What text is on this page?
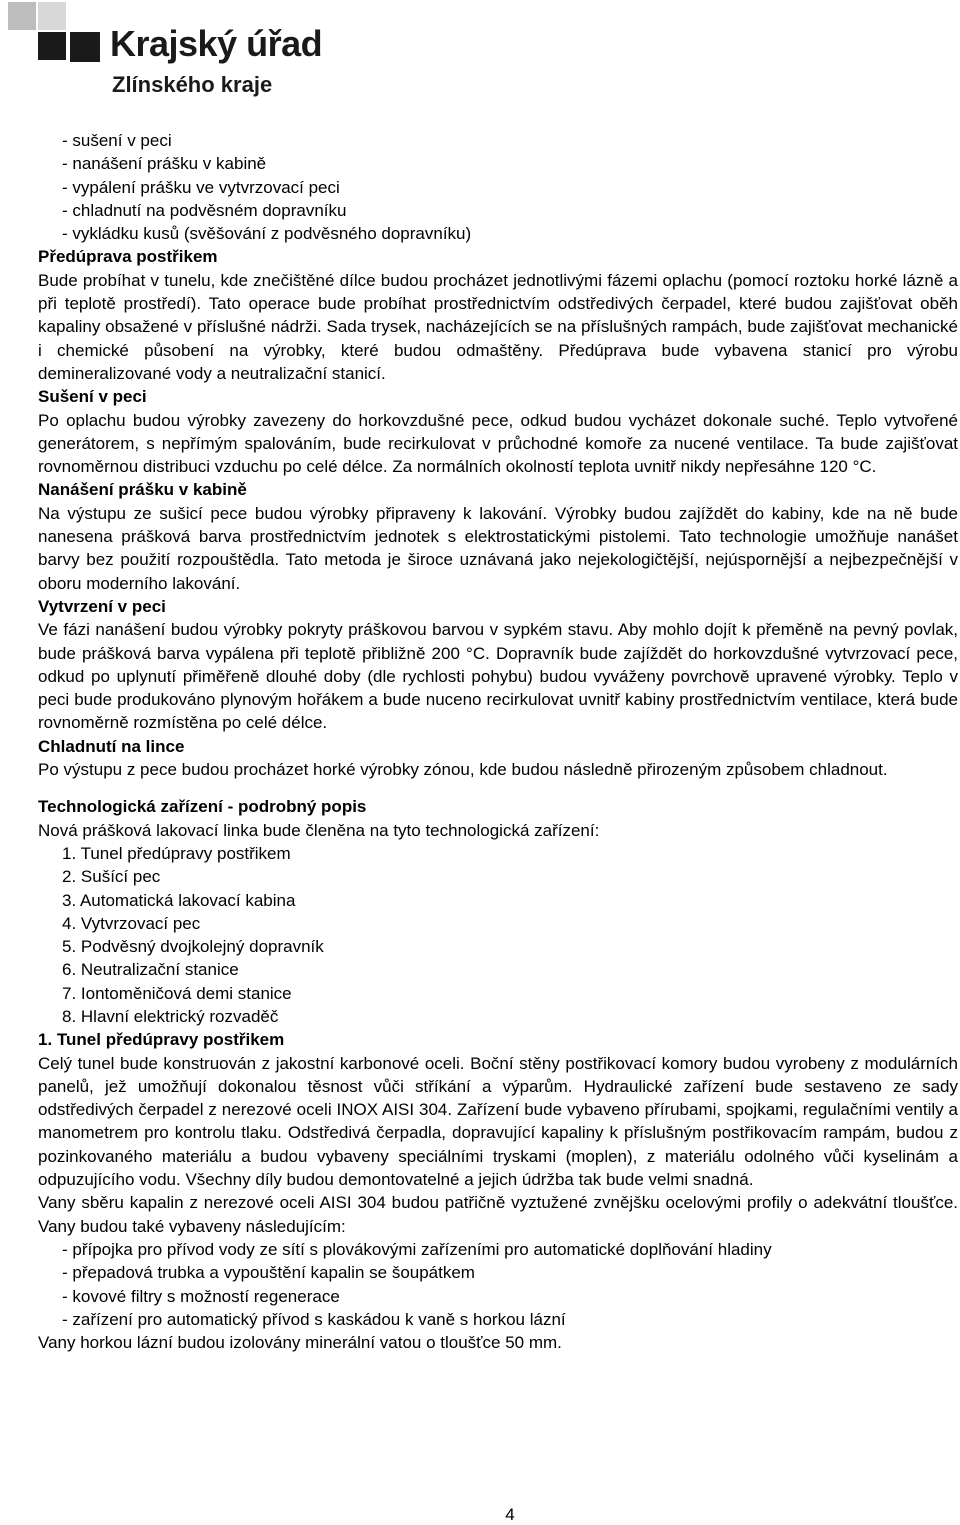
Krajský úřad
Zlínského kraje

- sušení v peci

- nanášení prášku v kabině

- vypálení prášku ve vytvrzovací peci

- chladnutí na podvěsném dopravníku

- vykládku kusů (svěšování z podvěsného dopravníku)

Předúprava postřikem

Bude probíhat v tunelu, kde znečištěné dílce budou procházet jednotlivými fázemi oplachu (pomocí roztoku horké lázně a při teplotě prostředí). Tato operace bude probíhat prostřednictvím odstředivých čerpadel, které budou zajišťovat oběh kapaliny obsažené v příslušné nádrži. Sada trysek, nacházejících se na příslušných rampách, bude zajišťovat mechanické i chemické působení na výrobky, které budou odmaštěny. Předúprava bude vybavena stanicí pro výrobu demineralizované vody a neutralizační stanicí.

Sušení v peci

Po oplachu budou výrobky zavezeny do horkovzdušné pece, odkud budou vycházet dokonale suché. Teplo vytvořené generátorem, s nepřímým spalováním, bude recirkulovat v průchodné komoře za nucené ventilace. Ta bude zajišťovat rovnoměrnou distribuci vzduchu po celé délce. Za normálních okolností teplota uvnitř nikdy nepřesáhne 120 °C.

Nanášení prášku v kabině

Na výstupu ze sušicí pece budou výrobky připraveny k lakování. Výrobky budou zajíždět do kabiny, kde na ně bude nanesena prášková barva prostřednictvím jednotek s elektrostatickými pistolemi. Tato technologie umožňuje nanášet barvy bez použití rozpouštědla. Tato metoda je široce uznávaná jako nejekologičtější, nejúspornější a nejbezpečnější v oboru moderního lakování.

Vytvrzení v peci

Ve fázi nanášení budou výrobky pokryty práškovou barvou v sypkém stavu. Aby mohlo dojít k přeměně na pevný povlak, bude prášková barva vypálena při teplotě přibližně 200 °C. Dopravník bude zajíždět do horkovzdušné vytvrzovací pece, odkud po uplynutí přiměřeně dlouhé doby (dle rychlosti pohybu) budou vyváženy povrchově upravené výrobky. Teplo v peci bude produkováno plynovým hořákem a bude nuceno recirkulovat uvnitř kabiny prostřednictvím ventilace, která bude rovnoměrně rozmístěna po celé délce.

Chladnutí na lince

Po výstupu z pece budou procházet horké výrobky zónou, kde budou následně přirozeným způsobem chladnout.

Technologická zařízení - podrobný popis

Nová prášková lakovací linka bude členěna na tyto technologická zařízení:

1. Tunel předúpravy postřikem

2. Sušící pec

3. Automatická lakovací kabina

4. Vytvrzovací pec

5. Podvěsný dvojkolejný dopravník

6. Neutralizační stanice

7. Iontoměničová demi stanice

8. Hlavní elektrický rozvaděč

1. Tunel předúpravy postřikem

Celý tunel bude konstruován z jakostní karbonové oceli. Boční stěny postřikovací komory budou vyrobeny z modulárních panelů, jež umožňují dokonalou těsnost vůči stříkání a výparům. Hydraulické zařízení bude sestaveno ze sady odstředivých čerpadel z nerezové oceli INOX AISI 304. Zařízení bude vybaveno přírubami, spojkami, regulačními ventily a manometrem pro kontrolu tlaku. Odstředivá čerpadla, dopravující kapaliny k příslušným postřikovacím rampám, budou z pozinkovaného materiálu a budou vybaveny speciálními tryskami (moplen), z materiálu odolného vůči kyselinám a odpuzujícího vodu. Všechny díly budou demontovatelné a jejich údržba tak bude velmi snadná.

Vany sběru kapalin z nerezové oceli AISI 304 budou patřičně vyztužené zvnějšku ocelovými profily o adekvátní tloušťce. Vany budou také vybaveny následujícím:

- přípojka pro přívod vody ze sítí s plovákovými zařízeními pro automatické doplňování hladiny

- přepadová trubka a vypouštění kapalin se šoupátkem

- kovové filtry s možností regenerace

- zařízení pro automatický přívod s kaskádou k vaně s horkou lázní

Vany horkou lázní budou izolovány minerální vatou o tloušťce 50 mm.

4
